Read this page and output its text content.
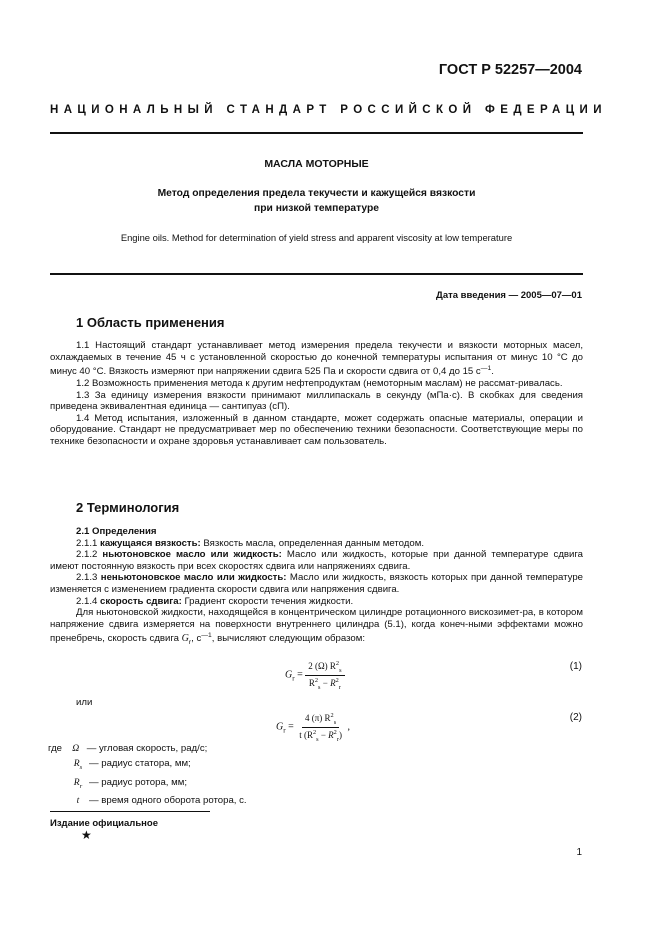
ГОСТ Р 52257—2004
НАЦИОНАЛЬНЫЙ СТАНДАРТ РОССИЙСКОЙ ФЕДЕРАЦИИ
МАСЛА МОТОРНЫЕ
Метод определения предела текучести и кажущейся вязкости
при низкой температуре
Engine oils. Method for determination of yield stress and apparent viscosity at low temperature
Дата введения — 2005—07—01
1 Область применения

1.1 Настоящий стандарт устанавливает метод измерения предела текучести и вязкости моторных масел, охлаждаемых в течение 45 ч с установленной скоростью до конечной температуры испытания от минус 10 °С до минус 40 °С. Вязкость измеряют при напряжении сдвига 525 Па и скорости сдвига от 0,4 до 15 $с^{—1}$.

1.2 Возможность применения метода к другим нефтепродуктам (немоторным маслам) не рассмат-ривалась.

1.3 За единицу измерения вязкости принимают миллипаскаль в секунду (мПа·с). В скобках для сведения приведена эквивалентная единица — сантипуаз (сП).

1.4 Метод испытания, изложенный в данном стандарте, может содержать опасные материалы, операции и оборудование. Стандарт не предусматривает мер по обеспечению техники безопасности. Соответствующие меры по технике безопасности и охране здоровья устанавливает сам пользователь.

2 Терминология

2.1 Определения

2.1.1 кажущаяся вязкость: Вязкость масла, определенная данным методом.

2.1.2 ньютоновское масло или жидкость: Масло или жидкость, которые при данной температуре сдвига имеют постоянную вязкость при всех скоростях сдвига или напряжениях сдвига.

2.1.3 неньютоновское масло или жидкость: Масло или жидкость, вязкость которых при данной температуре изменяется с изменением градиента скорости сдвига или напряжения сдвига.

2.1.4 скорость сдвига: Градиент скорости течения жидкости.

Для ньютоновской жидкости, находящейся в концентрическом цилиндре ротационного вискозимет-ра, в котором напряжение сдвига измеряется на поверхности внутреннего цилиндра (5.1), когда конеч-ными эффектами можно пренебречь, скорость сдвига $G_r$, $с^{—1}$, вычисляют следующим образом:

$G_r = \frac{2 (\Omega) R^2_s}{R^2_s - R^2_r}$	(1)
или
$G_r = \frac{4 (\pi) R^2_s}{t (R^2_s - R^2_r)}$ ,
(2)
где Ω — угловая скорость, рад/с;
$R_s$ — радиус статора, мм;
$R_r$ — радиус ротора, мм;
t — время одного оборота ротора, с.
Издание официальное
★
1
